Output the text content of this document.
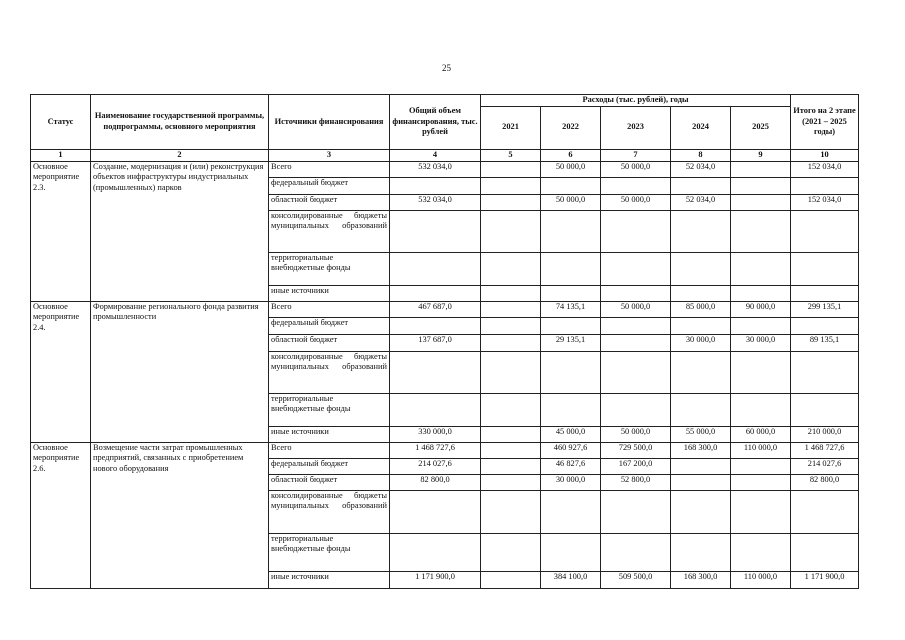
25
Статус	Наименование государственной программы, подпрограммы, основного мероприятия	Источники финансирования	Общий объем финансирования, тыс. рублей	Расходы (тыс. рублей), годы					Итого на 2 этапе (2021 – 2025 годы)
				2021	2022	2023	2024	2025	
1	2	3	4	5	6	7	8	9	10
Основное мероприятие 2.3.	Создание, модернизация и (или) реконструкция объектов инфраструктуры индустриальных (промышленных) парков	Всего	532 034,0		50 000,0	50 000,0	52 034,0		152 034,0
		федеральный бюджет							
		областной бюджет	532 034,0		50 000,0	50 000,0	52 034,0		152 034,0
		консолидированные бюджеты муниципальных образований							
		территориальные внебюджетные фонды							
		иные источники							
Основное мероприятие 2.4.	Формирование регионального фонда развития промышленности	Всего	467 687,0		74 135,1	50 000,0	85 000,0	90 000,0	299 135,1
		федеральный бюджет							
		областной бюджет	137 687,0		29 135,1		30 000,0	30 000,0	89 135,1
		консолидированные бюджеты муниципальных образований							
		территориальные внебюджетные фонды							
		иные источники	330 000,0		45 000,0	50 000,0	55 000,0	60 000,0	210 000,0
Основное мероприятие 2.6.	Возмещение части затрат промышленных предприятий, связанных с приобретением нового оборудования	Всего	1 468 727,6		460 927,6	729 500,0	168 300,0	110 000,0	1 468 727,6
		федеральный бюджет	214 027,6		46 827,6	167 200,0			214 027,6
		областной бюджет	82 800,0		30 000,0	52 800,0			82 800,0
		консолидированные бюджеты муниципальных образований							
		территориальные внебюджетные фонды							
		иные источники	1 171 900,0		384 100,0	509 500,0	168 300,0	110 000,0	1 171 900,0
